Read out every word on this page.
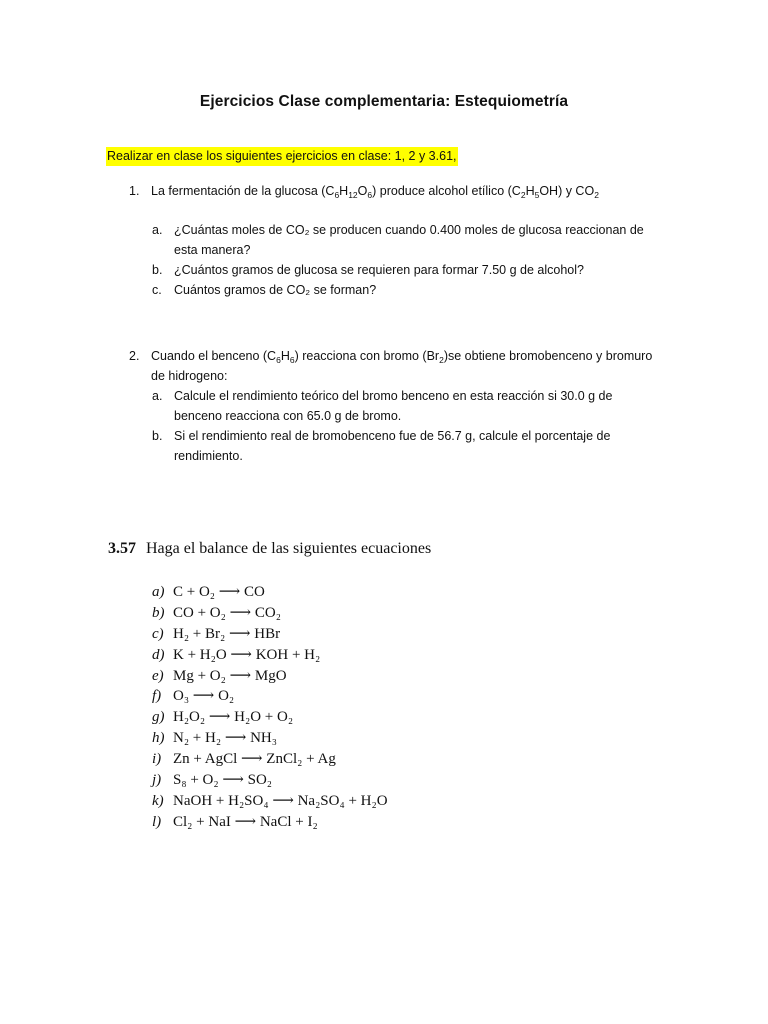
Ejercicios Clase complementaria: Estequiometría
Realizar en clase los siguientes ejercicios en clase: 1, 2 y 3.61,
1. La fermentación de la glucosa $(C_6H_{12}O_6)$ produce alcohol etílico $(C_2H_5OH)$ y $CO_2$
a. ¿Cuántas moles de CO₂ se producen cuando 0.400 moles de glucosa reaccionan de
esta manera?
b. ¿Cuántos gramos de glucosa se requieren para formar 7.50 g de alcohol?
c. Cuántos gramos de CO₂ se forman?
2. Cuando el benceno $(C_6H_6)$ reacciona con bromo $(Br_2)se$ obtiene bromobenceno y bromuro
de hidrogeno:
a. Calcule el rendimiento teórico del bromo benceno en esta reacción si 30.0 g de
benceno reacciona con 65.0 g de bromo.
b. Si el rendimiento real de bromobenceno fue de 56.7 g, calcule el porcentaje de
rendimiento.
3.57 Haga el balance de las siguientes ecuaciones
a) C + O₂ ⟶ CO
b) CO + O₂ ⟶ CO₂
c) H₂ + Br₂ ⟶ HBr
d) K + H₂O ⟶ KOH + H₂
e) Mg + O₂ ⟶ MgO
f) O₃ ⟶ O₂
g) H₂O₂ ⟶ H₂O + O₂
h) N₂ + H₂ ⟶ NH₃
i) Zn + AgCl ⟶ ZnCl₂ + Ag
j) S₈ + O₂ ⟶ SO₂
k) NaOH + H₂SO₄ ⟶ Na₂SO₄ + H₂O
l) Cl₂ + NaI ⟶ NaCl + I₂
